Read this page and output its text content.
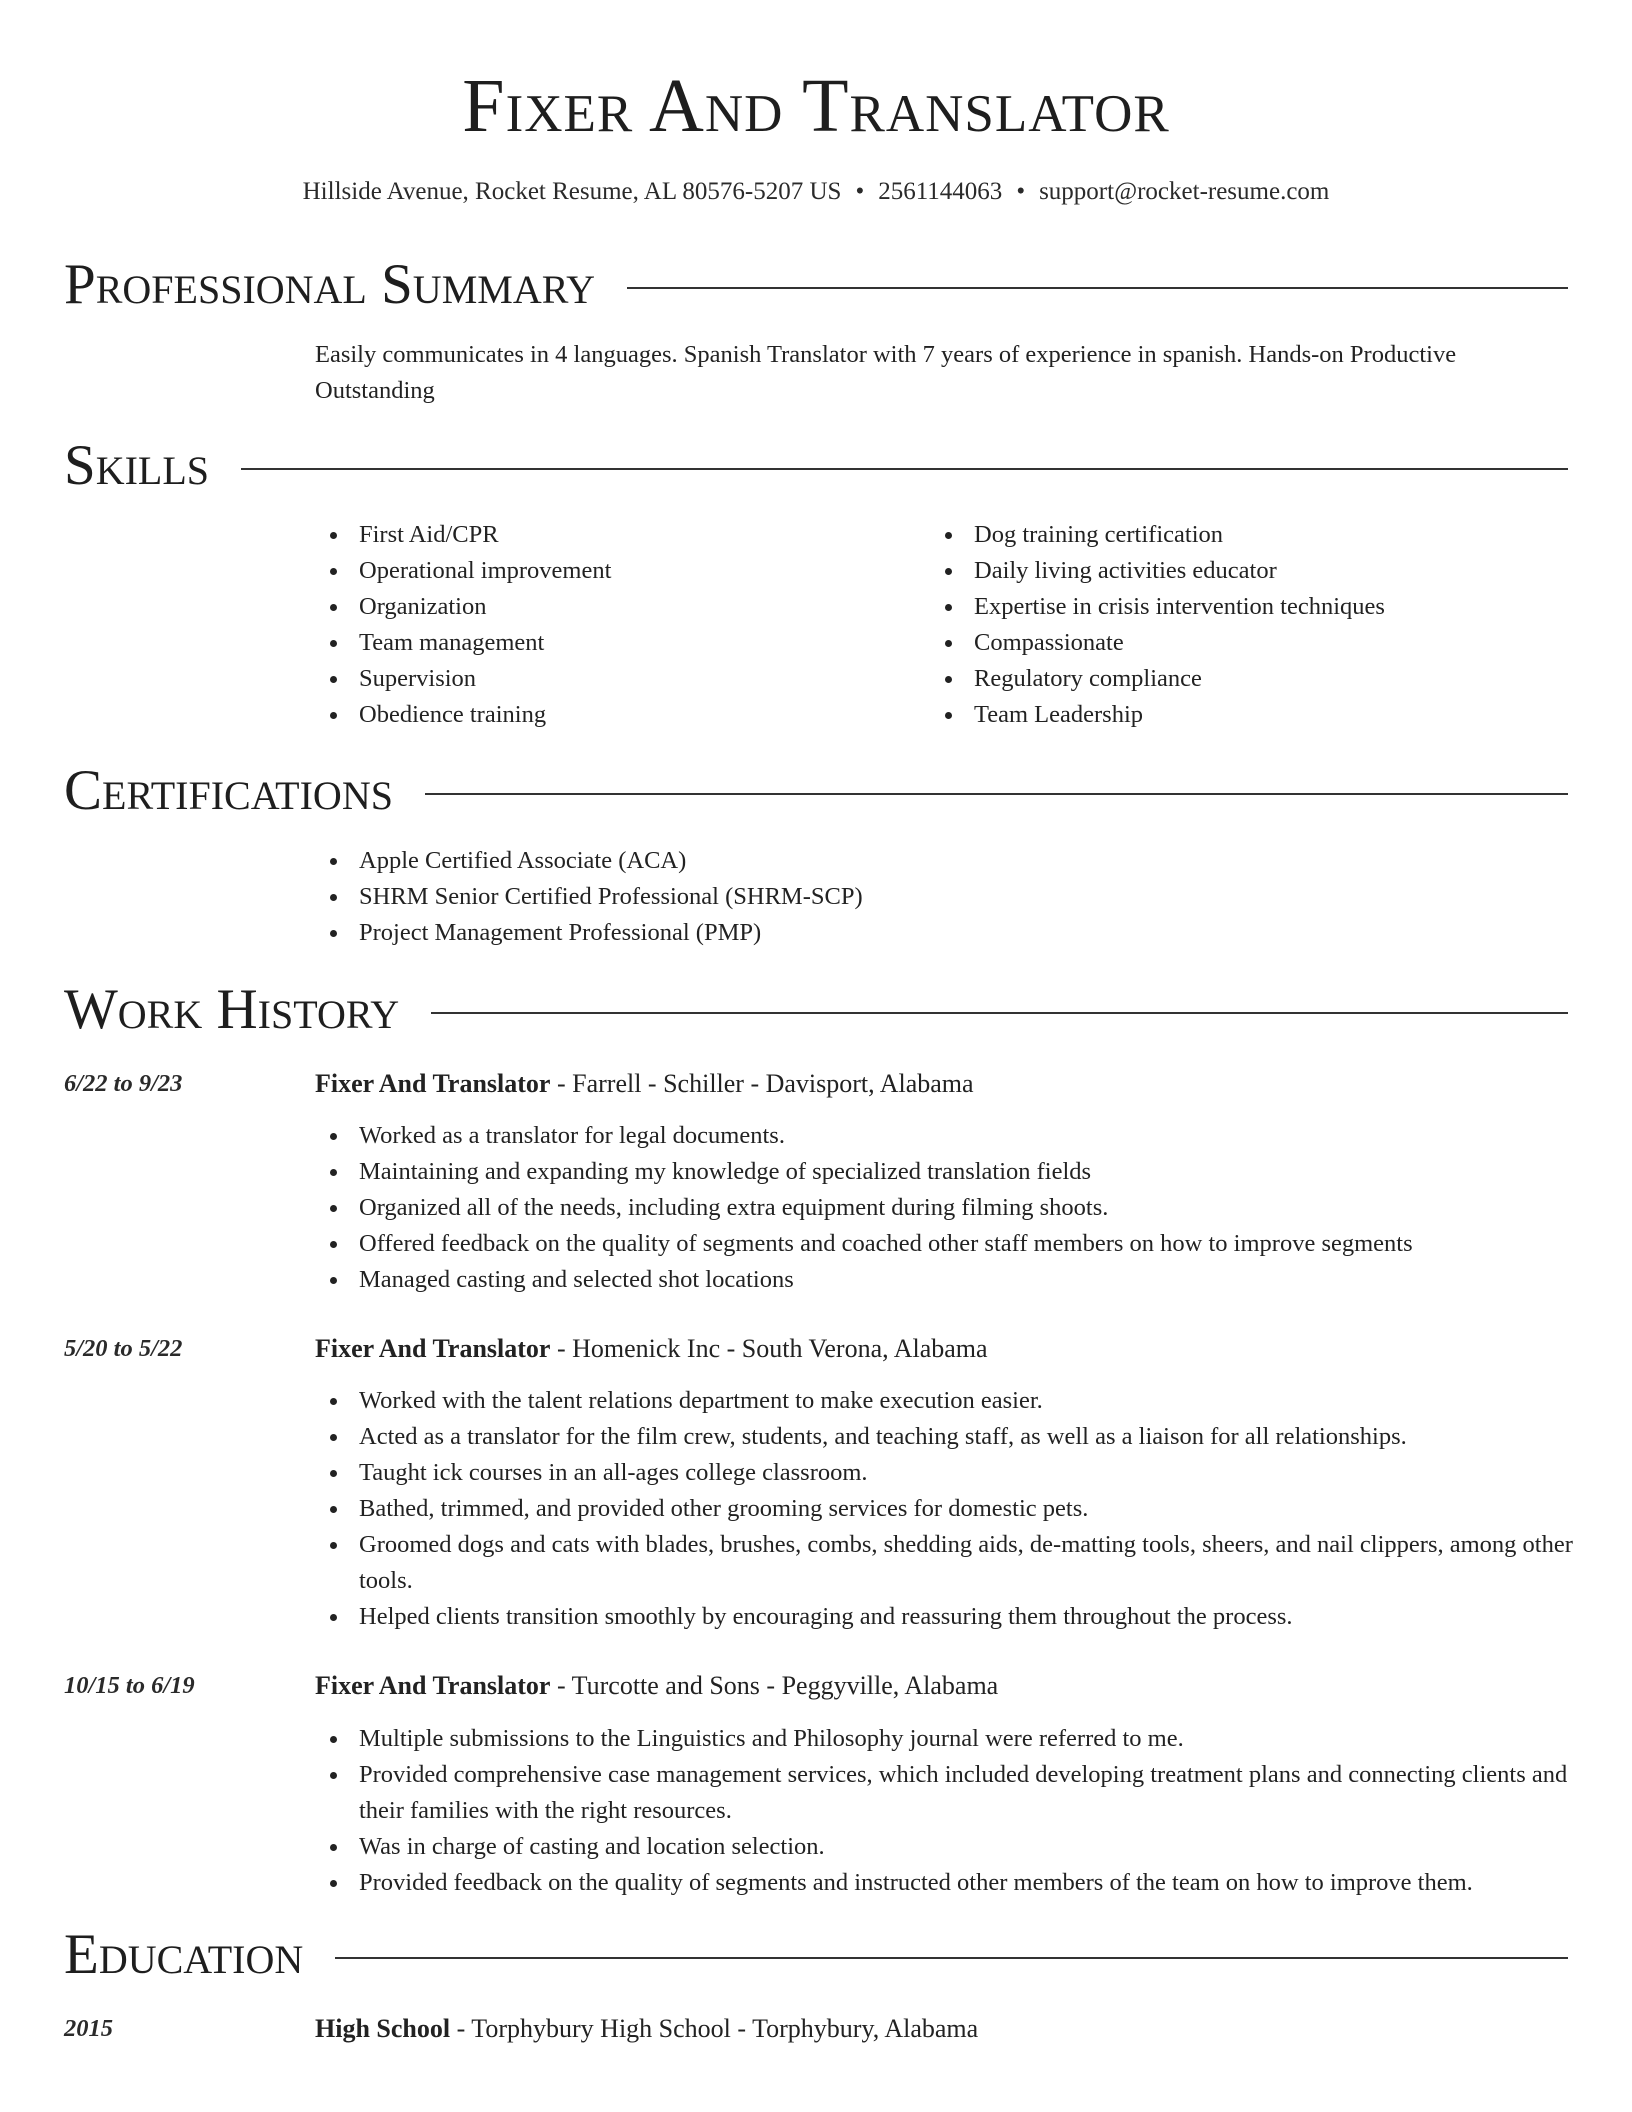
Fixer And Translator
Hillside Avenue, Rocket Resume, AL 80576-5207 US • 2561144063 • support@rocket-resume.com
Professional Summary
Easily communicates in 4 languages. Spanish Translator with 7 years of experience in spanish. Hands-on Productive Outstanding
Skills
First Aid/CPR
Operational improvement
Organization
Team management
Supervision
Obedience training
Dog training certification
Daily living activities educator
Expertise in crisis intervention techniques
Compassionate
Regulatory compliance
Team Leadership
Certifications
Apple Certified Associate (ACA)
SHRM Senior Certified Professional (SHRM-SCP)
Project Management Professional (PMP)
Work History
6/22 to 9/23	Fixer And Translator - Farrell - Schiller - Davisport, Alabama
Worked as a translator for legal documents.
Maintaining and expanding my knowledge of specialized translation fields
Organized all of the needs, including extra equipment during filming shoots.
Offered feedback on the quality of segments and coached other staff members on how to improve segments
Managed casting and selected shot locations
5/20 to 5/22	Fixer And Translator - Homenick Inc - South Verona, Alabama
Worked with the talent relations department to make execution easier.
Acted as a translator for the film crew, students, and teaching staff, as well as a liaison for all relationships.
Taught ick courses in an all-ages college classroom.
Bathed, trimmed, and provided other grooming services for domestic pets.
Groomed dogs and cats with blades, brushes, combs, shedding aids, de-matting tools, sheers, and nail clippers, among other tools.
Helped clients transition smoothly by encouraging and reassuring them throughout the process.
10/15 to 6/19	Fixer And Translator - Turcotte and Sons - Peggyville, Alabama
Multiple submissions to the Linguistics and Philosophy journal were referred to me.
Provided comprehensive case management services, which included developing treatment plans and connecting clients and their families with the right resources.
Was in charge of casting and location selection.
Provided feedback on the quality of segments and instructed other members of the team on how to improve them.
Education
2015	High School - Torphybury High School - Torphybury, Alabama
